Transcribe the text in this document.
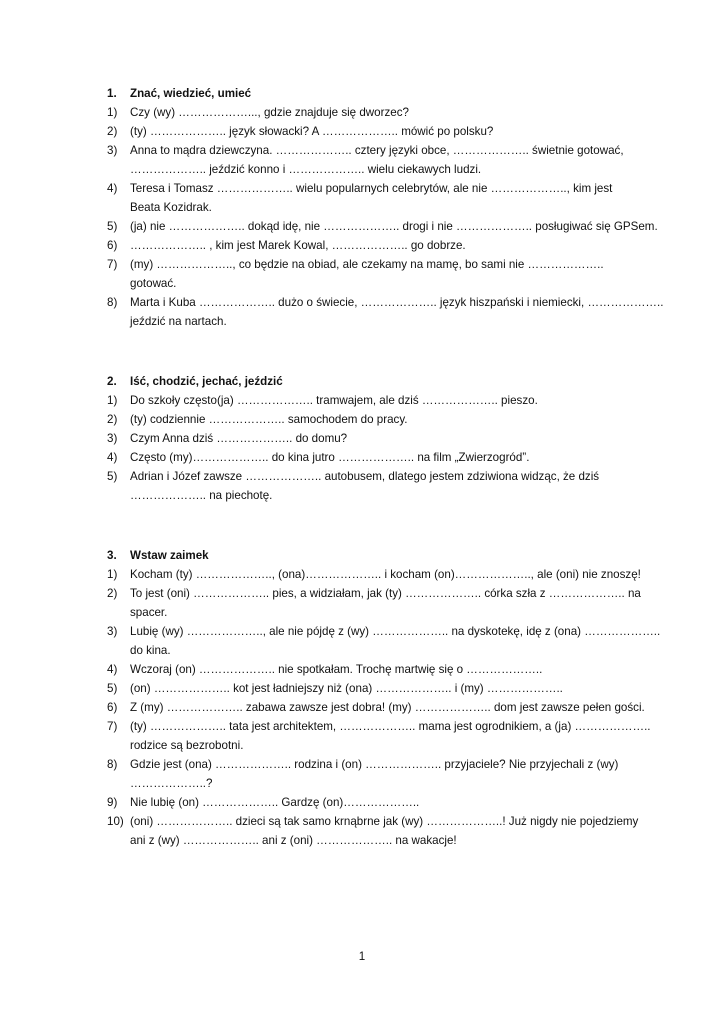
1.	Znać, wiedzieć, umieć
1)	Czy (wy) ………………..., gdzie znajduje się dworzec?
2)	(ty) ……………….. język słowacki? A ……………….. mówić po polsku?
3)	Anna to mądra dziewczyna. ……………….. cztery języki obce, ……………….. świetnie gotować,
……………….. jeździć konno i ……………….. wielu ciekawych ludzi.
4)	Teresa i Tomasz ……………….. wielu popularnych celebrytów, ale nie ……………….., kim jest
Beata Kozidrak.
5)	(ja) nie ……………….. dokąd idę, nie ……………….. drogi i nie ……………….. posługiwać się GPSem.
6)	……………….. , kim jest Marek Kowal, ……………….. go dobrze.
7)	(my) ……………….., co będzie na obiad, ale czekamy na mamę, bo sami nie ………………..
gotować.
8)	Marta i Kuba ……………….. dużo o świecie, ……………….. język hiszpański i niemiecki, ………………..
jeździć na nartach.
2.	Iść, chodzić, jechać, jeździć
1)	Do szkoły często(ja) ……………….. tramwajem, ale dziś ……………….. pieszo.
2)	(ty) codziennie ……………….. samochodem do pracy.
3)	Czym Anna dziś ……………….. do domu?
4)	Często (my)……………….. do kina jutro ……………….. na film „Zwierzogród”.
5)	Adrian i Józef zawsze ……………….. autobusem, dlatego jestem zdziwiona widząc, że dziś
……………….. na piechotę.
3.	Wstaw zaimek
1)	Kocham (ty) ……………….., (ona)……………….. i kocham (on)……………….., ale (oni) nie znoszę!
2)	To jest (oni) ……………….. pies, a widziałam, jak (ty) ……………….. córka szła z ……………….. na
spacer.
3)	Lubię (wy) ……………….., ale nie pójdę z (wy) ……………….. na dyskotekę, idę z (ona) ………………..
do kina.
4)	Wczoraj (on) ……………….. nie spotkałam. Trochę martwię się o ………………..
5)	(on) ……………….. kot jest ładniejszy niż (ona) ……………….. i (my) ………………..
6)	Z (my) ……………….. zabawa zawsze jest dobra! (my) ……………….. dom jest zawsze pełen gości.
7)	(ty) ……………….. tata jest architektem, ……………….. mama jest ogrodnikiem, a (ja) ………………..
rodzice są bezrobotni.
8)	Gdzie jest (ona) ……………….. rodzina i (on) ……………….. przyjaciele? Nie przyjechali z (wy)
………………..?
9)	Nie lubię (on) ……………….. Gardzę (on)………………..
10) (oni) ……………….. dzieci są tak samo krnąbrne jak (wy) ………………..! Już nigdy nie pojedziemy
ani z (wy) ……………….. ani z (oni) ……………….. na wakacje!
1
